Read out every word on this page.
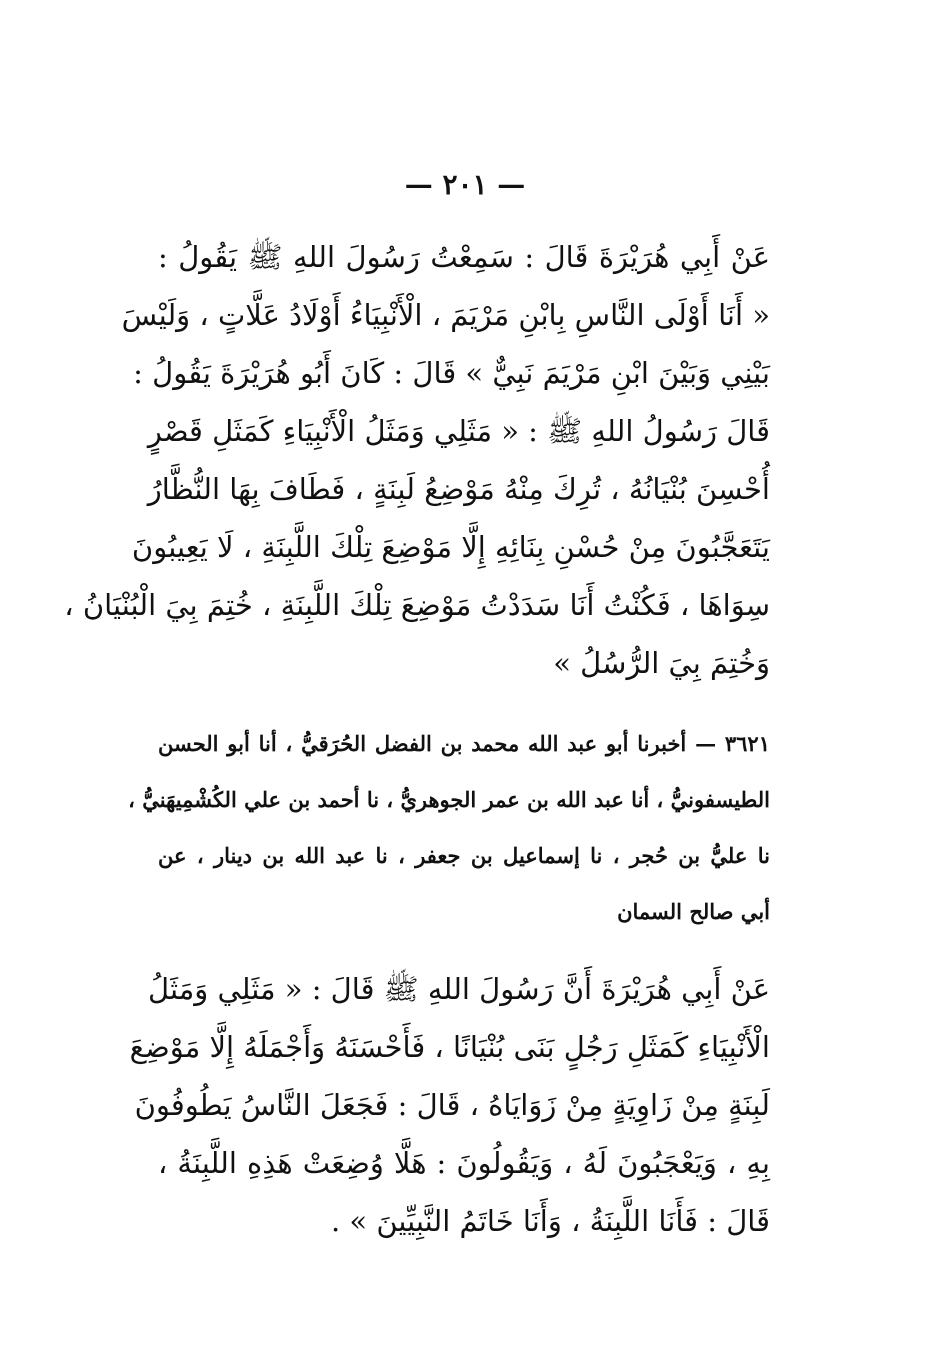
— ٢٠١ —
عَنْ أَبِي هُرَيْرَةَ قَالَ : سَمِعْتُ رَسُولَ اللهِ ﷺ يَقُولُ :
« أَنَا أَوْلَى النَّاسِ بِابْنِ مَرْيَمَ ، الْأَنْبِيَاءُ أَوْلَادُ عَلَّاتٍ ، وَلَيْسَ
بَيْنِي وَبَيْنَ ابْنِ مَرْيَمَ نَبِيٌّ » قَالَ : كَانَ أَبُو هُرَيْرَةَ يَقُولُ :
قَالَ رَسُولُ اللهِ ﷺ : « مَثَلِي وَمَثَلُ الْأَنْبِيَاءِ كَمَثَلِ قَصْرٍ
أُحْسِنَ بُنْيَانُهُ ، تُرِكَ مِنْهُ مَوْضِعُ لَبِنَةٍ ، فَطَافَ بِهَا النُّظَّارُ
يَتَعَجَّبُونَ مِنْ حُسْنِ بِنَائِهِ إِلَّا مَوْضِعَ تِلْكَ اللَّبِنَةِ ، لَا يَعِيبُونَ
سِوَاهَا ، فَكُنْتُ أَنَا سَدَدْتُ مَوْضِعَ تِلْكَ اللَّبِنَةِ ، خُتِمَ بِيَ الْبُنْيَانُ ،
وَخُتِمَ بِيَ الرُّسُلُ »
٣٦٢١ — أخبرنا أبو عبد الله محمد بن الفضل الحُرَقيُّ ، أنا أبو الحسن
الطيسفونيُّ ، أنا عبد الله بن عمر الجوهريُّ ، نا أحمد بن علي الكُشْمِيهَنيُّ ،
نا عليُّ بن حُجر ، نا إسماعيل بن جعفر ، نا عبد الله بن دينار ، عن
أبي صالح السمان
عَنْ أَبِي هُرَيْرَةَ أَنَّ رَسُولَ اللهِ ﷺ قَالَ : « مَثَلِي وَمَثَلُ
الْأَنْبِيَاءِ كَمَثَلِ رَجُلٍ بَنَى بُنْيَانًا ، فَأَحْسَنَهُ وَأَجْمَلَهُ إِلَّا مَوْضِعَ
لَبِنَةٍ مِنْ زَاوِيَةٍ مِنْ زَوَايَاهُ ، قَالَ : فَجَعَلَ النَّاسُ يَطُوفُونَ
بِهِ ، وَيَعْجَبُونَ لَهُ ، وَيَقُولُونَ : هَلَّا وُضِعَتْ هَذِهِ اللَّبِنَةُ ،
قَالَ : فَأَنَا اللَّبِنَةُ ، وَأَنَا خَاتَمُ النَّبِيِّينَ » .
